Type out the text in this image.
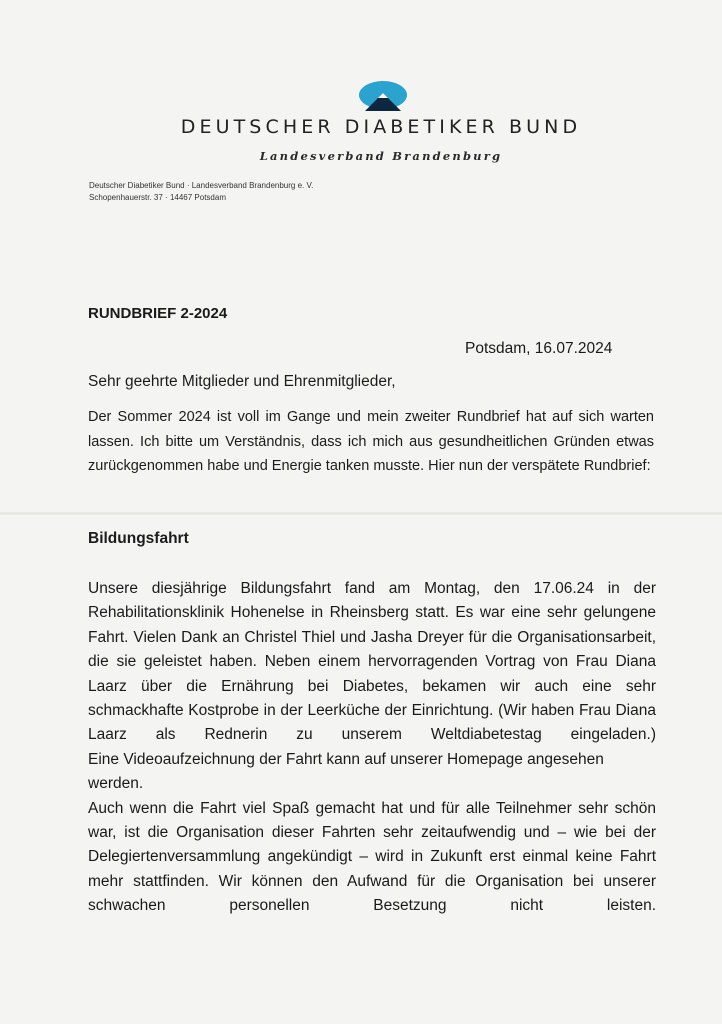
DEUTSCHER DIABETIKER BUND
Landesverband Brandenburg
Deutscher Diabetiker Bund · Landesverband Brandenburg e. V.
Schopenhauerstr. 37 · 14467 Potsdam
RUNDBRIEF 2-2024
Potsdam, 16.07.2024
Sehr geehrte Mitglieder und Ehrenmitglieder,
Der Sommer 2024 ist voll im Gange und mein zweiter Rundbrief hat auf sich warten lassen. Ich bitte um Verständnis, dass ich mich aus gesundheitlichen Gründen etwas zurückgenommen habe und Energie tanken musste. Hier nun der verspätete Rundbrief:
Bildungsfahrt

Unsere diesjährige Bildungsfahrt fand am Montag, den 17.06.24 in der Rehabilitationsklinik Hohenelse in Rheinsberg statt. Es war eine sehr gelungene Fahrt. Vielen Dank an Christel Thiel und Jasha Dreyer für die Organisationsarbeit, die sie geleistet haben. Neben einem hervorragenden Vortrag von Frau Diana Laarz über die Ernährung bei Diabetes, bekamen wir auch eine sehr schmackhafte Kostprobe in der Leerküche der Einrichtung. (Wir haben Frau Diana Laarz als Rednerin zu unserem Weltdiabetestag eingeladen.)

Eine Videoaufzeichnung der Fahrt kann auf unserer Homepage angesehen werden.

Auch wenn die Fahrt viel Spaß gemacht hat und für alle Teilnehmer sehr schön war, ist die Organisation dieser Fahrten sehr zeitaufwendig und – wie bei der Delegiertenversammlung angekündigt – wird in Zukunft erst einmal keine Fahrt mehr stattfinden. Wir können den Aufwand für die Organisation bei unserer schwachen personellen Besetzung nicht leisten.
